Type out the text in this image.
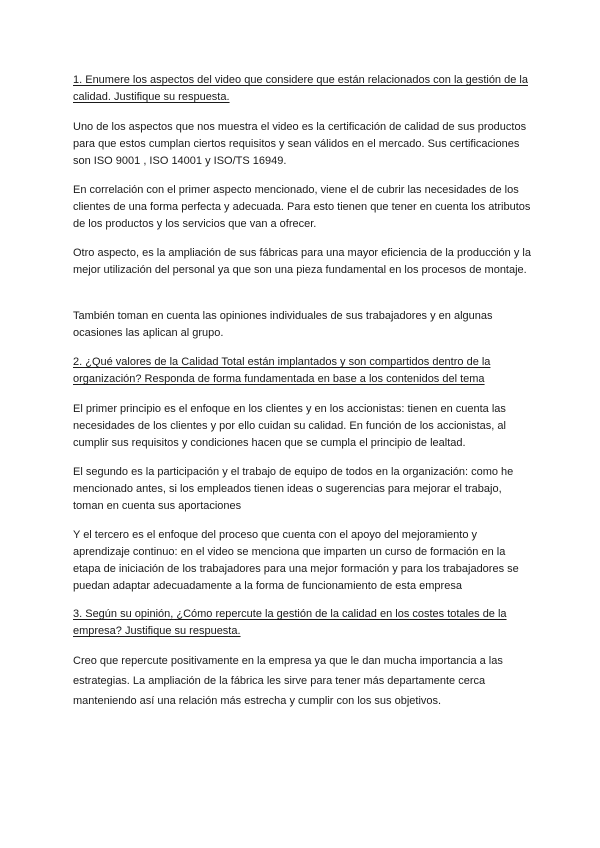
1. Enumere los aspectos del video que considere que están relacionados con la gestión de la calidad. Justifique su respuesta.

Uno de los aspectos que nos muestra el video es la certificación de calidad de sus productos para que estos cumplan ciertos requisitos y sean válidos en el mercado. Sus certificaciones son ISO 9001 , ISO 14001 y ISO/TS 16949.

En correlación con el primer aspecto mencionado, viene el de cubrir las necesidades de los clientes de una forma perfecta y adecuada. Para esto tienen que tener en cuenta los atributos de los productos y los servicios que van a ofrecer.

Otro aspecto, es la ampliación de sus fábricas para una mayor eficiencia de la producción y la mejor utilización del personal ya que son una pieza fundamental en los procesos de montaje.

También toman en cuenta las opiniones individuales de sus trabajadores y en algunas ocasiones las aplican al grupo.

2. ¿Qué valores de la Calidad Total están implantados y son compartidos dentro de la organización? Responda de forma fundamentada en base a los contenidos del tema

El primer principio es el enfoque en los clientes y en los accionistas: tienen en cuenta las necesidades de los clientes y por ello cuidan su calidad. En función de los accionistas, al cumplir sus requisitos y condiciones hacen que se cumpla el principio de lealtad.

El segundo es la participación y el trabajo de equipo de todos en la organización: como he mencionado antes, si los empleados tienen ideas o sugerencias para mejorar el trabajo, toman en cuenta sus aportaciones

Y el tercero es el enfoque del proceso que cuenta con el apoyo del mejoramiento y aprendizaje continuo: en el video se menciona que imparten un curso de formación en la etapa de iniciación de los trabajadores para una mejor formación y para los trabajadores se puedan adaptar adecuadamente a la forma de funcionamiento de esta empresa

3. Según su opinión, ¿Cómo repercute la gestión de la calidad en los costes totales de la empresa? Justifique su respuesta.

Creo que repercute positivamente en la empresa ya que le dan mucha importancia a las estrategias. La ampliación de la fábrica les sirve para tener más departamente cerca manteniendo así una relación más estrecha y cumplir con los sus objetivos.
